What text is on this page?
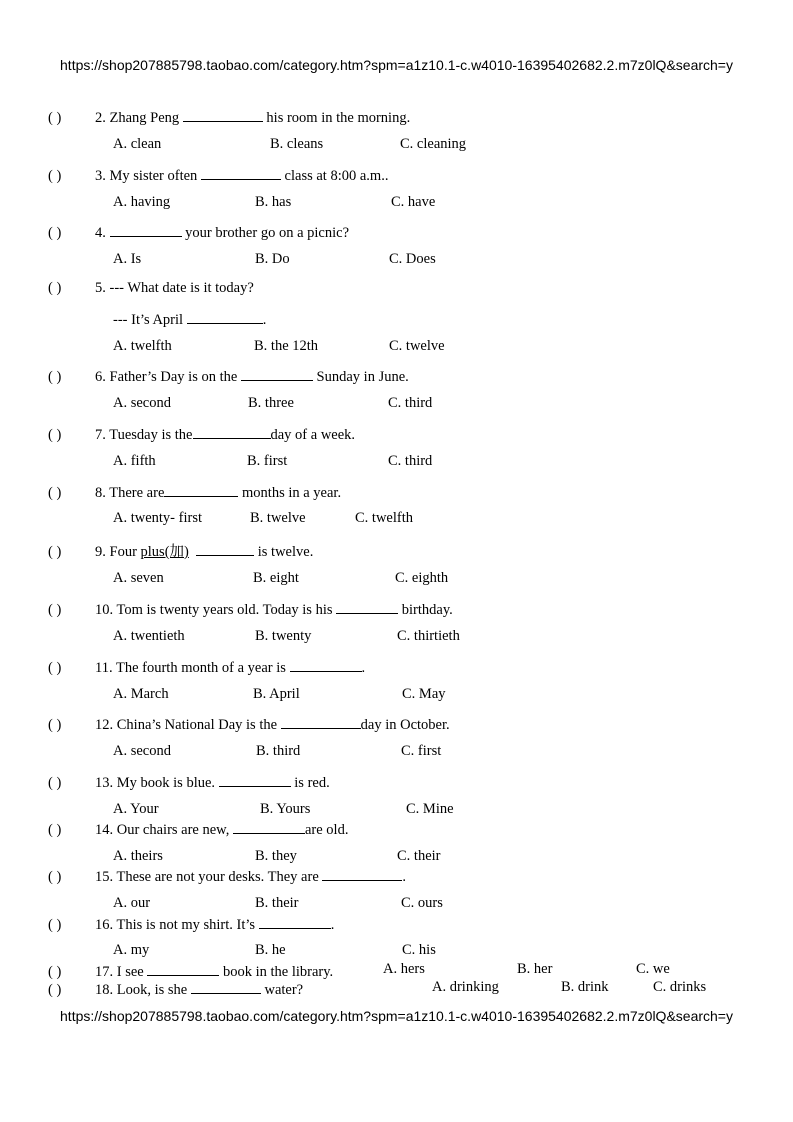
https://shop207885798.taobao.com/category.htm?spm=a1z10.1-c.w4010-16395402682.2.m7z0lQ&search=y
( ) 2. Zhang Peng	his room in the morning.
A. clean	B. cleans	C. cleaning
( ) 3. My sister often	class at 8:00 a.m..
A. having	B. has	C. have
( ) 4.	your brother go on a picnic?
A. Is	B. Do	C. Does
( ) 5. --- What date is it today?
--- It’s April	.
A. twelfth	B. the 12th	C. twelve
( ) 6. Father’s Day is on the	Sunday in June.
A. second	B. three	C. third
( ) 7. Tuesday is the	day of a week.
A. fifth	B. first	C. third
( ) 8. There are	months in a year.
A. twenty- first	B. twelve	C. twelfth
( ) 9. Four plus(加)	is twelve.
A. seven	B. eight	C. eighth
( ) 10. Tom is twenty years old. Today is his	birthday.
A. twentieth	B. twenty	C. thirtieth
( ) 11. The fourth month of a year is	.
A. March	B. April	C. May
( ) 12. China’s National Day is the	day in October.
A. second	B. third	C. first
( ) 13. My book is blue.	is red.
A. Your	B. Yours	C. Mine
( ) 14. Our chairs are new,	are old.
A. theirs	B. they	C. their
( ) 15. These are not your desks. They are	.
A. our	B. their	C. ours
( ) 16. This is not my shirt. It’s	.
A. my	B. he	C. his
( ) 17. I see	book in the library.	A. hers	B. her	C. we
( ) 18. Look, is she	water?	A. drinking	B. drink	C. drinks
https://shop207885798.taobao.com/category.htm?spm=a1z10.1-c.w4010-16395402682.2.m7z0lQ&search=y
